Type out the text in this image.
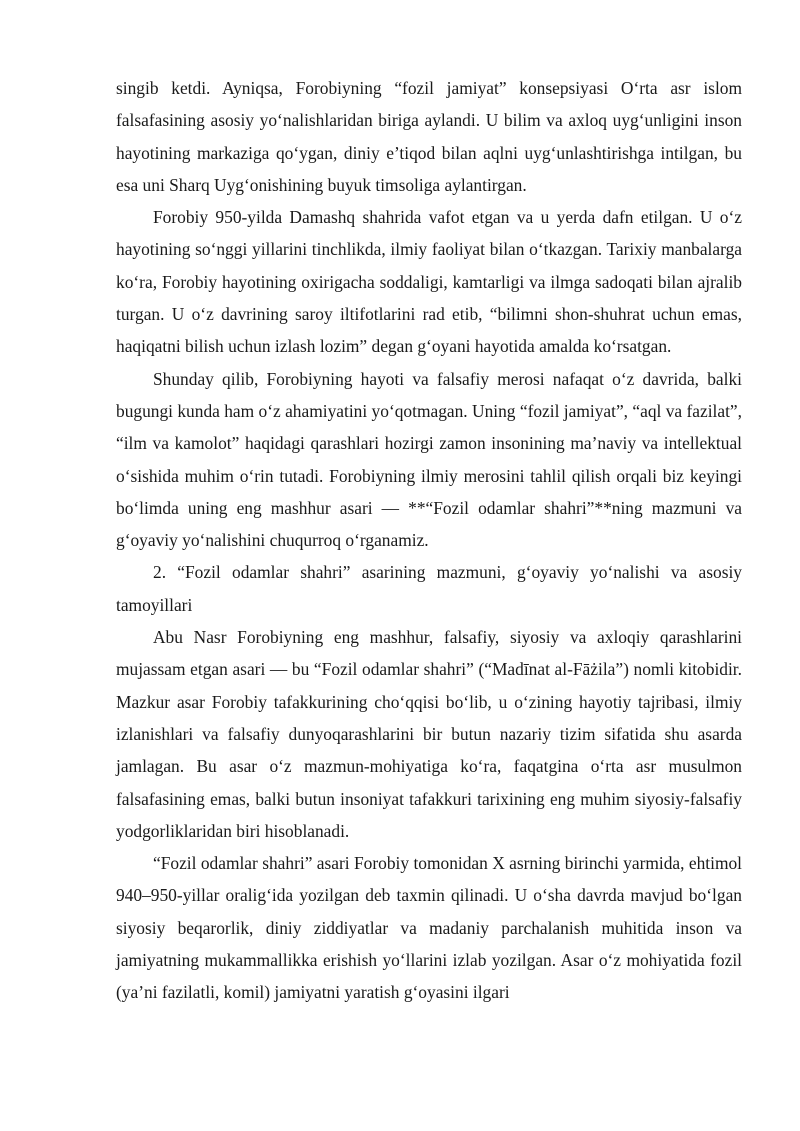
singib ketdi. Ayniqsa, Forobiyning “fozil jamiyat” konsepsiyasi O‘rta asr islom falsafasining asosiy yo‘nalishlaridan biriga aylandi. U bilim va axloq uyg‘unligini inson hayotining markaziga qo‘ygan, diniy e’tiqod bilan aqlni uyg‘unlashtirishga intilgan, bu esa uni Sharq Uyg‘onishining buyuk timsoliga aylantirgan.

Forobiy 950-yilda Damashq shahrida vafot etgan va u yerda dafn etilgan. U o‘z hayotining so‘nggi yillarini tinchlikda, ilmiy faoliyat bilan o‘tkazgan. Tarixiy manbalarga ko‘ra, Forobiy hayotining oxirigacha soddaligi, kamtarligi va ilmga sadoqati bilan ajralib turgan. U o‘z davrining saroy iltifotlarini rad etib, “bilimni shon-shuhrat uchun emas, haqiqatni bilish uchun izlash lozim” degan g‘oyani hayotida amalda ko‘rsatgan.

Shunday qilib, Forobiyning hayoti va falsafiy merosi nafaqat o‘z davrida, balki bugungi kunda ham o‘z ahamiyatini yo‘qotmagan. Uning “fozil jamiyat”, “aql va fazilat”, “ilm va kamolot” haqidagi qarashlari hozirgi zamon insonining ma’naviy va intellektual o‘sishida muhim o‘rin tutadi. Forobiyning ilmiy merosini tahlil qilish orqali biz keyingi bo‘limda uning eng mashhur asari — **“Fozil odamlar shahri”**ning mazmuni va g‘oyaviy yo‘nalishini chuqurroq o‘rganamiz.

2. “Fozil odamlar shahri” asarining mazmuni, g‘oyaviy yo‘nalishi va asosiy tamoyillari

Abu Nasr Forobiyning eng mashhur, falsafiy, siyosiy va axloqiy qarashlarini mujassam etgan asari — bu “Fozil odamlar shahri” (“Madīnat al-Fāżila”) nomli kitobidir. Mazkur asar Forobiy tafakkurining cho‘qqisi bo‘lib, u o‘zining hayotiy tajribasi, ilmiy izlanishlari va falsafiy dunyoqarashlarini bir butun nazariy tizim sifatida shu asarda jamlagan. Bu asar o‘z mazmun-mohiyatiga ko‘ra, faqatgina o‘rta asr musulmon falsafasining emas, balki butun insoniyat tafakkuri tarixining eng muhim siyosiy-falsafiy yodgorliklaridan biri hisoblanadi.

“Fozil odamlar shahri” asari Forobiy tomonidan X asrning birinchi yarmida, ehtimol 940–950-yillar oralig‘ida yozilgan deb taxmin qilinadi. U o‘sha davrda mavjud bo‘lgan siyosiy beqarorlik, diniy ziddiyatlar va madaniy parchalanish muhitida inson va jamiyatning mukammallikka erishish yo‘llarini izlab yozilgan. Asar o‘z mohiyatida fozil (ya’ni fazilatli, komil) jamiyatni yaratish g‘oyasini ilgari
